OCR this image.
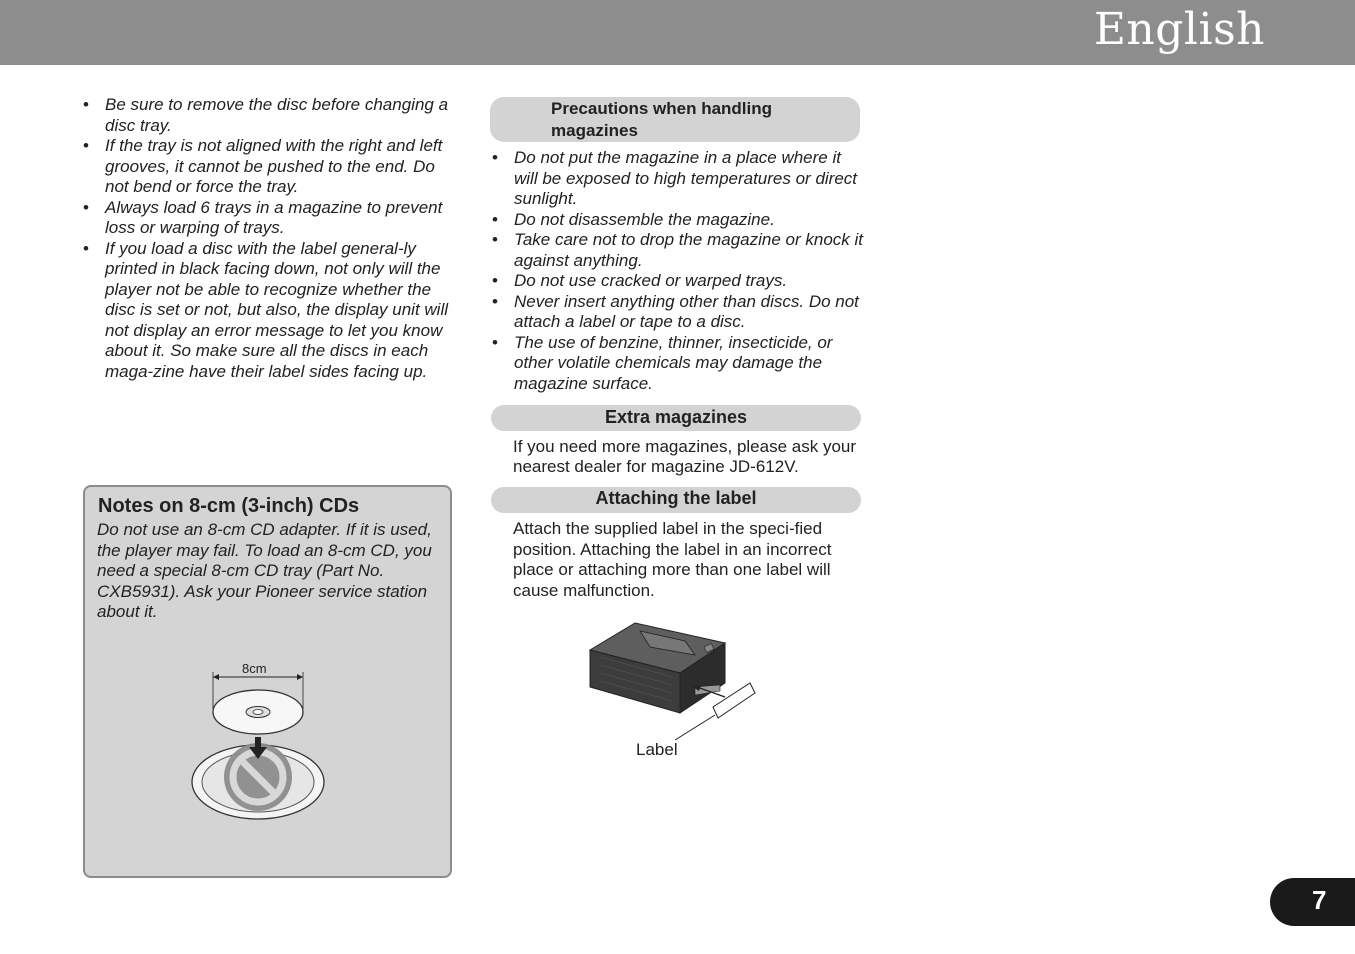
English
• Be sure to remove the disc before changing a disc tray.
• If the tray is not aligned with the right and left grooves, it cannot be pushed to the end. Do not bend or force the tray.
• Always load 6 trays in a magazine to prevent loss or warping of trays.
• If you load a disc with the label general-ly printed in black facing down, not only will the player not be able to recognize whether the disc is set or not, but also, the display unit will not display an error message to let you know about it. So make sure all the discs in each maga-zine have their label sides facing up.
Notes on 8-cm (3-inch) CDs
Do not use an 8-cm CD adapter. If it is used, the player may fail. To load an 8-cm CD, you need a special 8-cm CD tray (Part No. CXB5931). Ask your Pioneer service station about it.
8cm
Precautions when handling magazines
• Do not put the magazine in a place where it will be exposed to high temperatures or direct sunlight.
• Do not disassemble the magazine.
• Take care not to drop the magazine or knock it against anything.
• Do not use cracked or warped trays.
• Never insert anything other than discs. Do not attach a label or tape to a disc.
• The use of benzine, thinner, insecticide, or other volatile chemicals may damage the magazine surface.
Extra magazines
If you need more magazines, please ask your nearest dealer for magazine JD-612V.
Attaching the label
Attach the supplied label in the speci-fied position. Attaching the label in an incorrect place or attaching more than one label will cause malfunction.
Label
7
